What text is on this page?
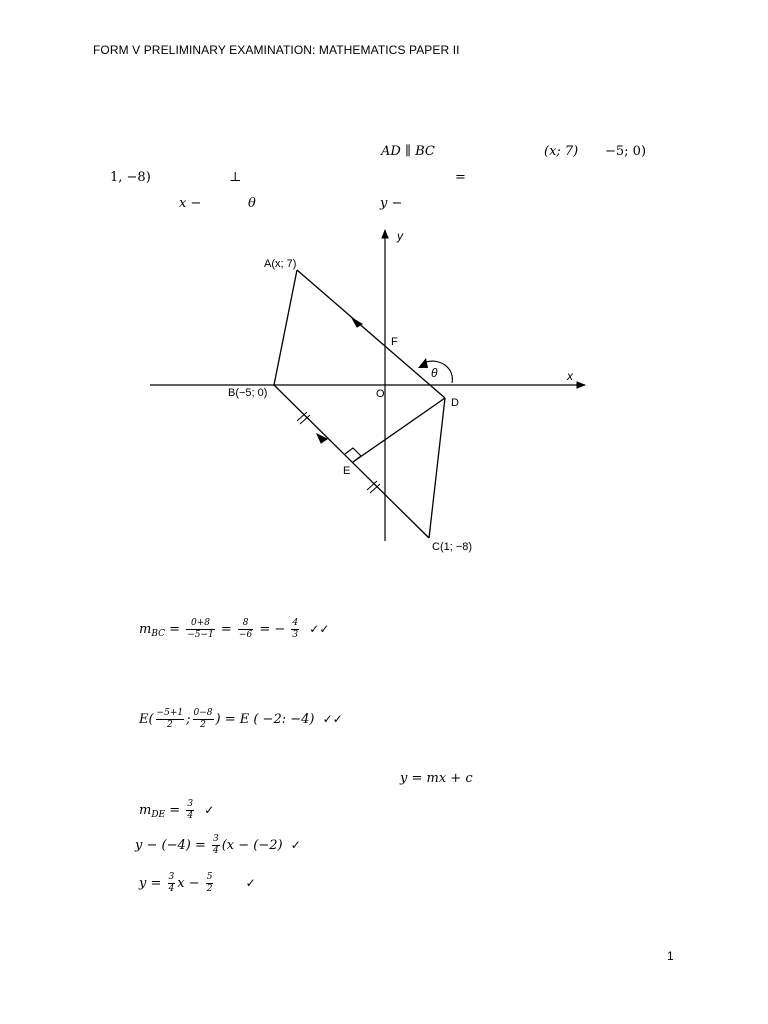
FORM V PRELIMINARY EXAMINATION: MATHEMATICS PAPER II
AD ∥ BC	(x; 7) −5; 0)
1, −8)	⊥	=
x −	θ	y −
A(x; 7)
B(−5; 0)
C(1; −8)
D
E
F
O
x
y
θ
$m_{BC} = \frac{0+8}{-5-1} = \frac{8}{-6}$ = − $\frac{4}{3}$ ✓✓
$E( \frac{-5+1}{2}$ ; $\frac{0-8}{2}$ ) = E ( −2: −4) ✓✓
y = mx + c
$m_{DE} = \frac{3}{4}$ ✓
$y - (-4) = \frac{3}{4} (x - (-2)$ ✓
$y = \frac{3}{4}$ $x - \frac{5}{2}$	✓
1
